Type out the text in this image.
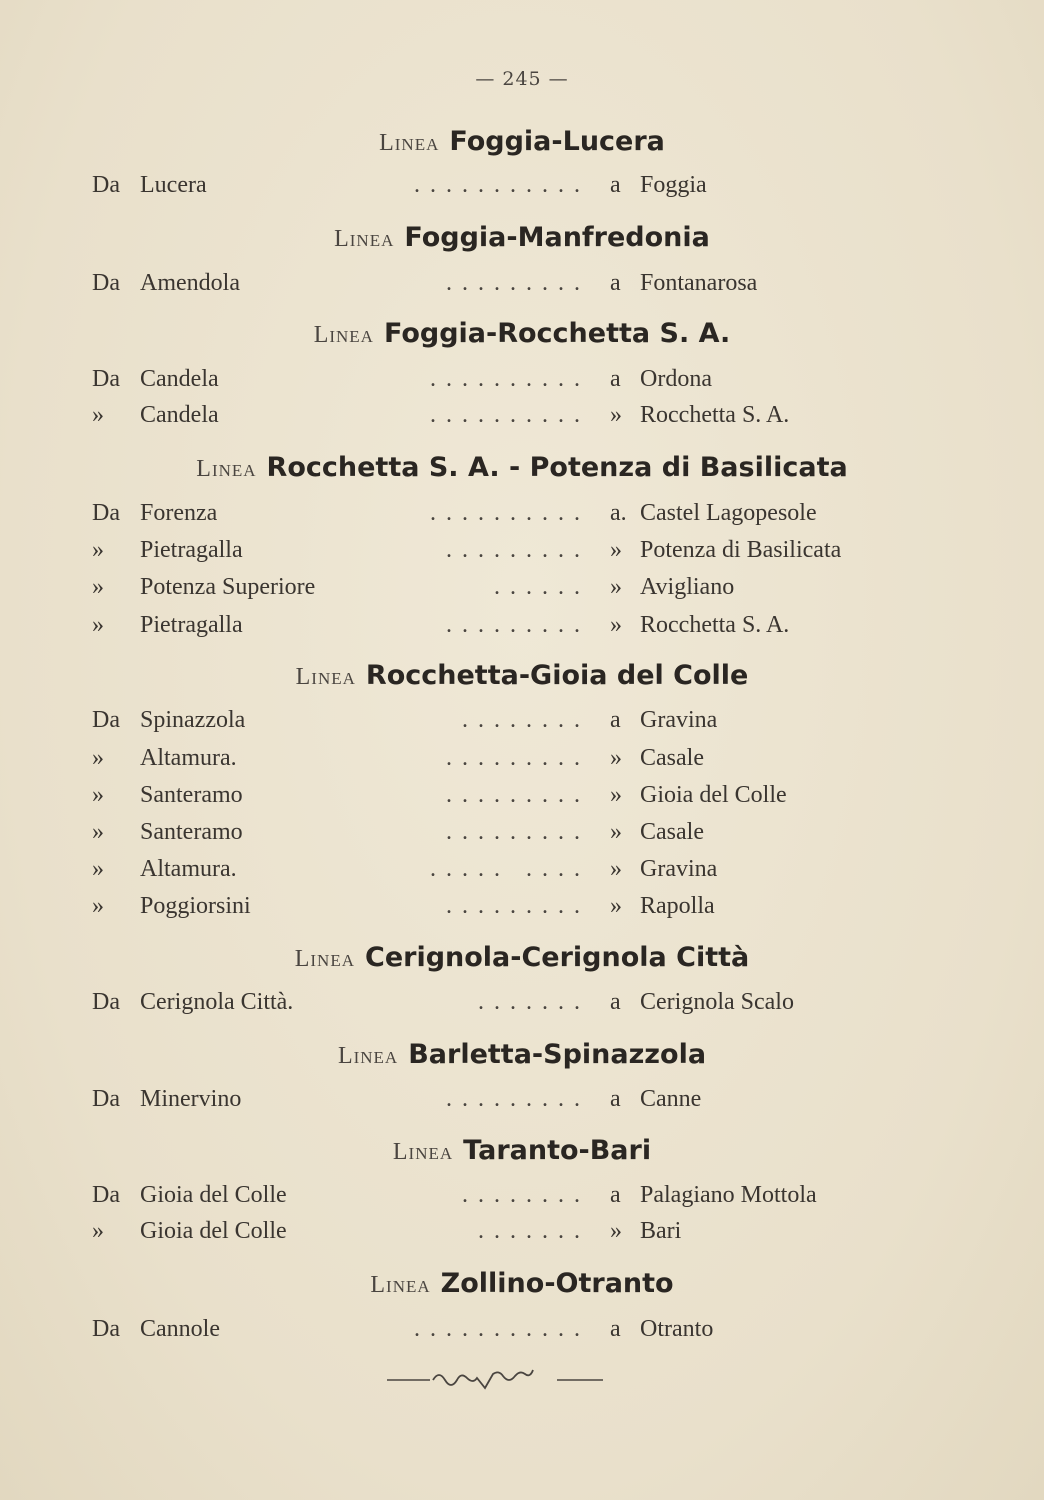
— 245 —
Linea Foggia-Lucera
Da Lucera	........... a Foggia
Linea Foggia-Manfredonia
Da Amendola	......... a Fontanarosa
Linea Foggia-Rocchetta S. A.
Da Candela	.......... a Ordona
»	Candela	.......... » Rocchetta S. A.
Linea Rocchetta S. A. - Potenza di Basilicata
Da Forenza	.......... a. Castel Lagopesole
»	Pietragalla	......... » Potenza di Basilicata
»	Potenza Superiore	...... » Avigliano
»	Pietragalla	......... » Rocchetta S. A.
Linea Rocchetta-Gioia del Colle
Da Spinazzola	........ a Gravina
»	Altamura.	......... » Casale
»	Santeramo	......... » Gioia del Colle
»	Santeramo	......... » Casale
»	Altamura.	..... .... » Gravina
»	Poggiorsini	......... » Rapolla
Linea Cerignola-Cerignola Città
Da Cerignola Città.	....... a Cerignola Scalo
Linea Barletta-Spinazzola
Da Minervino	......... a Canne
Linea Taranto-Bari
Da Gioia del Colle	........ a Palagiano Mottola
»	Gioia del Colle	....... » Bari
Linea Zollino-Otranto
Da Cannole	........... a Otranto
